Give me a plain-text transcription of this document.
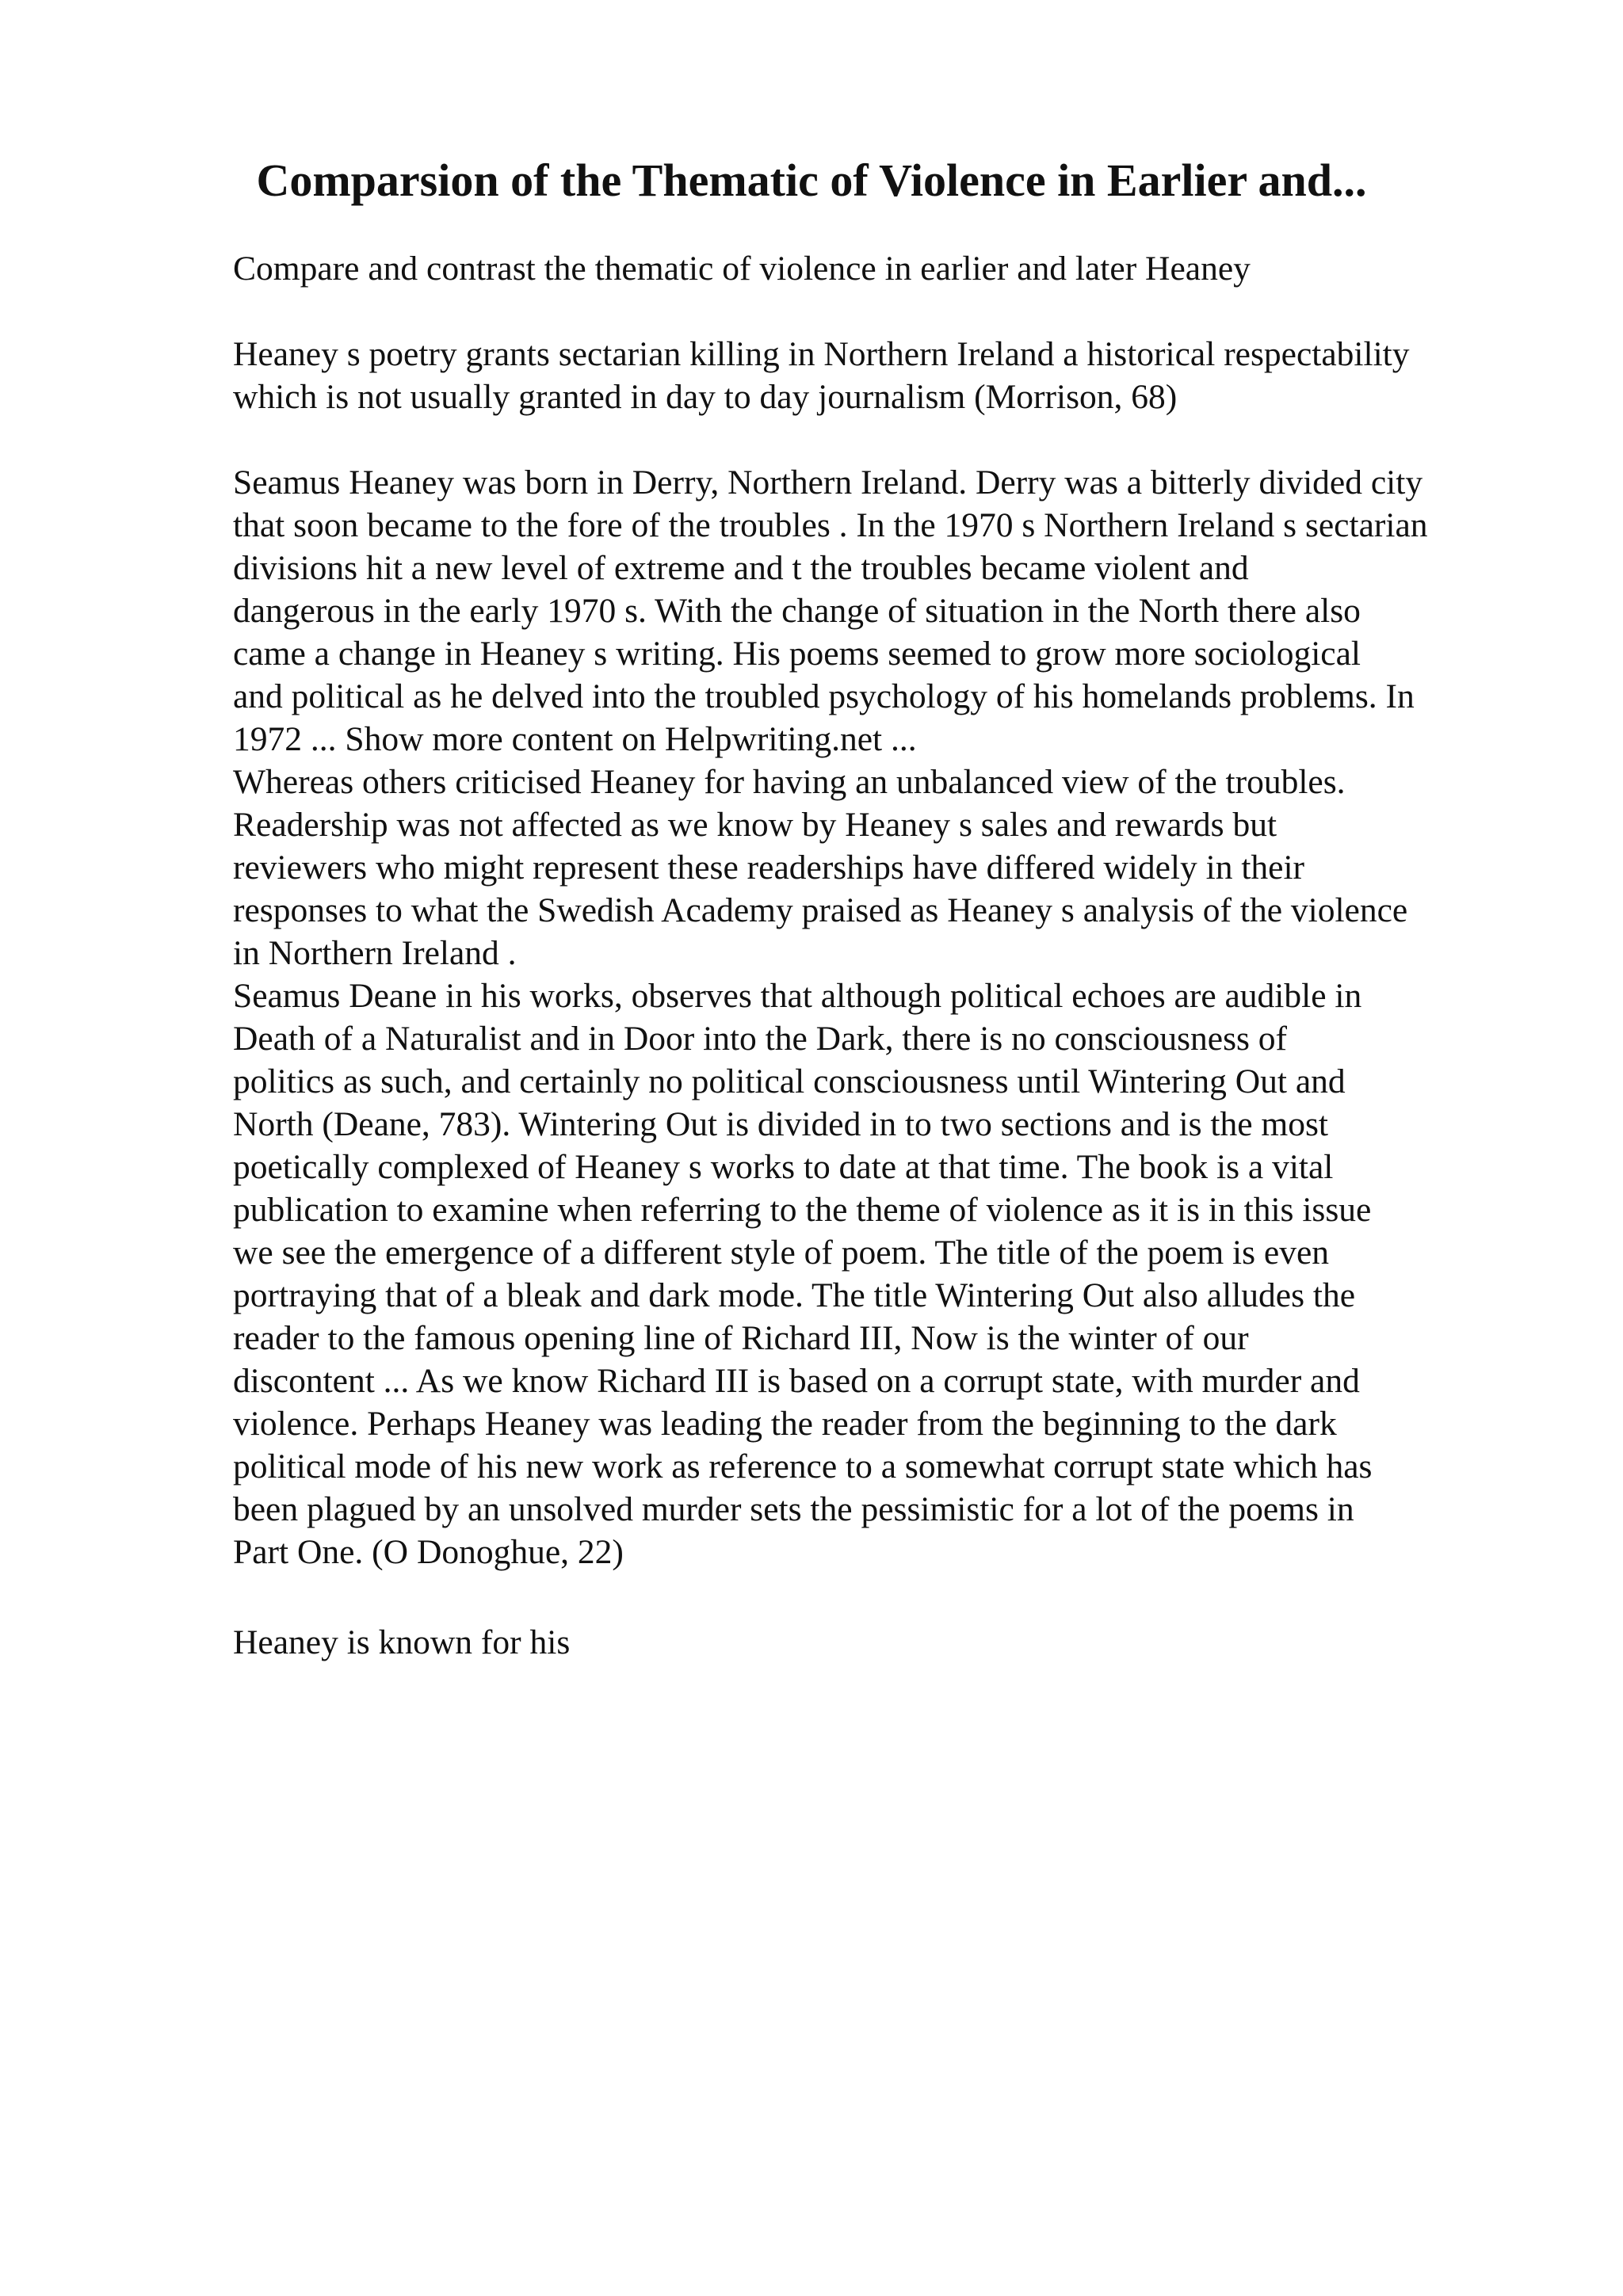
Comparsion of the Thematic of Violence in Earlier and...
Compare and contrast the thematic of violence in earlier and later Heaney
Heaney s poetry grants sectarian killing in Northern Ireland a historical respectability
which is not usually granted in day to day journalism (Morrison, 68)
Seamus Heaney was born in Derry, Northern Ireland. Derry was a bitterly divided city
that soon became to the fore of the troubles . In the 1970 s Northern Ireland s sectarian
divisions hit a new level of extreme and t the troubles became violent and
dangerous in the early 1970 s. With the change of situation in the North there also
came a change in Heaney s writing. His poems seemed to grow more sociological
and political as he delved into the troubled psychology of his homelands problems. In
1972 ... Show more content on Helpwriting.net ...
Whereas others criticised Heaney for having an unbalanced view of the troubles.
Readership was not affected as we know by Heaney s sales and rewards but
reviewers who might represent these readerships have differed widely in their
responses to what the Swedish Academy praised as Heaney s analysis of the violence
in Northern Ireland .
Seamus Deane in his works, observes that although political echoes are audible in
Death of a Naturalist and in Door into the Dark, there is no consciousness of
politics as such, and certainly no political consciousness until Wintering Out and
North (Deane, 783). Wintering Out is divided in to two sections and is the most
poetically complexed of Heaney s works to date at that time. The book is a vital
publication to examine when referring to the theme of violence as it is in this issue
we see the emergence of a different style of poem. The title of the poem is even
portraying that of a bleak and dark mode. The title Wintering Out also alludes the
reader to the famous opening line of Richard III, Now is the winter of our
discontent ... As we know Richard III is based on a corrupt state, with murder and
violence. Perhaps Heaney was leading the reader from the beginning to the dark
political mode of his new work as reference to a somewhat corrupt state which has
been plagued by an unsolved murder sets the pessimistic for a lot of the poems in
Part One. (O Donoghue, 22)
Heaney is known for his
